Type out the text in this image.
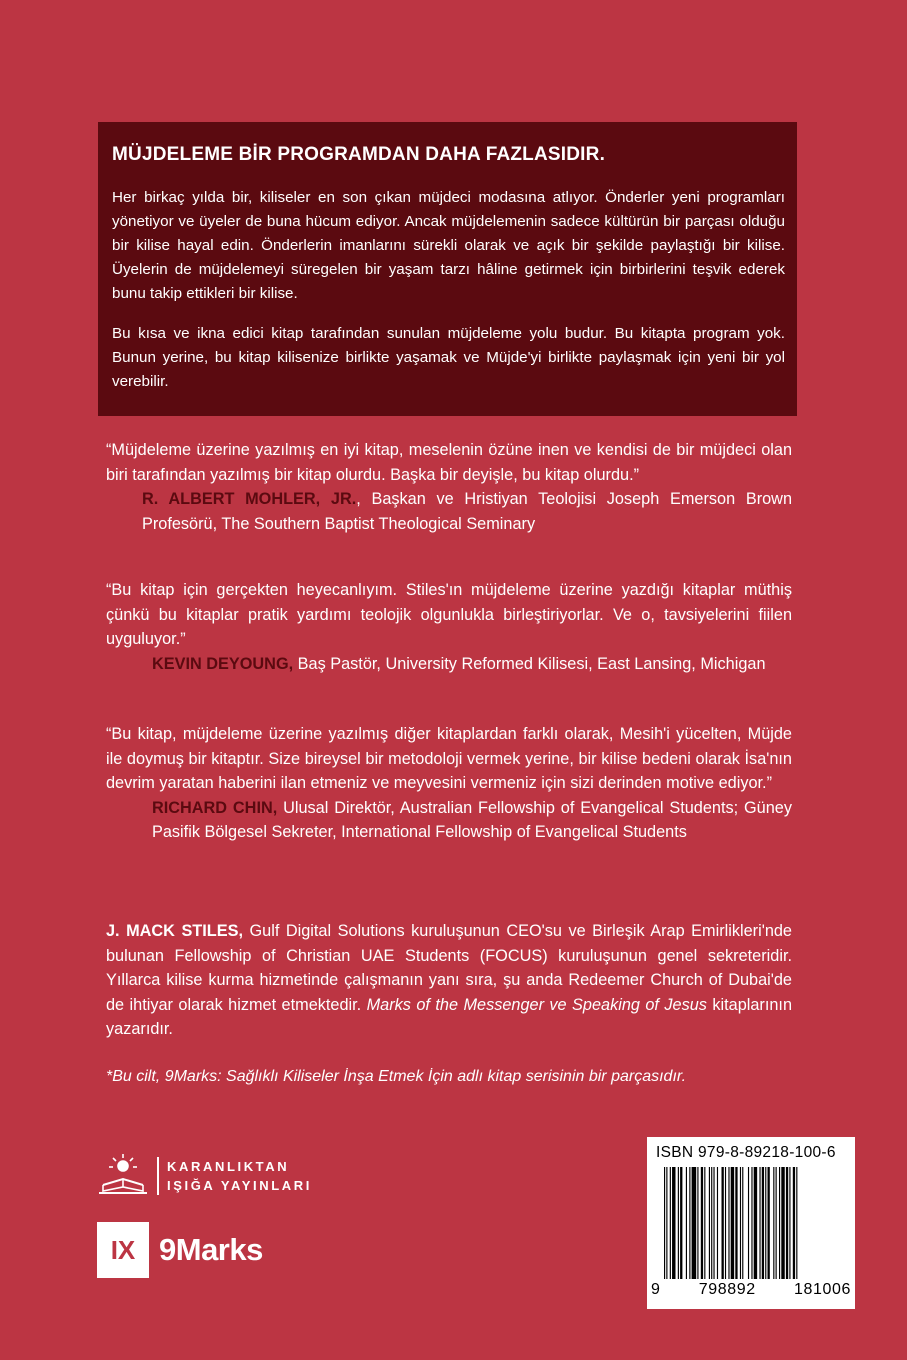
MÜJDELEME BİR PROGRAMDAN DAHA FAZLASIDIR.

Her birkaç yılda bir, kiliseler en son çıkan müjdeci modasına atlıyor. Önderler yeni programları yönetiyor ve üyeler de buna hücum ediyor. Ancak müjdelemenin sadece kültürün bir parçası olduğu bir kilise hayal edin. Önderlerin imanlarını sürekli olarak ve açık bir şekilde paylaştığı bir kilise. Üyelerin de müjdelemeyi süregelen bir yaşam tarzı hâline getirmek için birbirlerini teşvik ederek bunu takip ettikleri bir kilise.

Bu kısa ve ikna edici kitap tarafından sunulan müjdeleme yolu budur. Bu kitapta program yok. Bunun yerine, bu kitap kilisenize birlikte yaşamak ve Müjde'yi birlikte paylaşmak için yeni bir yol verebilir.

“Müjdeleme üzerine yazılmış en iyi kitap, meselenin özüne inen ve kendisi de bir müjdeci olan biri tarafından yazılmış bir kitap olurdu. Başka bir deyişle, bu kitap olurdu.”

R. ALBERT MOHLER, JR., Başkan ve Hristiyan Teolojisi Joseph Emerson Brown Profesörü, The Southern Baptist Theological Seminary

“Bu kitap için gerçekten heyecanlıyım. Stiles'ın müjdeleme üzerine yazdığı kitaplar müthiş çünkü bu kitaplar pratik yardımı teolojik olgunlukla birleştiriyorlar. Ve o, tavsiyelerini fiilen uyguluyor.”

KEVIN DEYOUNG, Baş Pastör, University Reformed Kilisesi, East Lansing, Michigan

“Bu kitap, müjdeleme üzerine yazılmış diğer kitaplardan farklı olarak, Mesih'i yücelten, Müjde ile doymuş bir kitaptır. Size bireysel bir metodoloji vermek yerine, bir kilise bedeni olarak İsa'nın devrim yaratan haberini ilan etmeniz ve meyvesini vermeniz için sizi derinden motive ediyor.”

RICHARD CHIN, Ulusal Direktör, Australian Fellowship of Evangelical Students; Güney Pasifik Bölgesel Sekreter, International Fellowship of Evangelical Students

J. MACK STILES, Gulf Digital Solutions kuruluşunun CEO'su ve Birleşik Arap Emirlikleri'nde bulunan Fellowship of Christian UAE Students (FOCUS) kuruluşunun genel sekreteridir. Yıllarca kilise kurma hizmetinde çalışmanın yanı sıra, şu anda Redeemer Church of Dubai'de de ihtiyar olarak hizmet etmektedir. Marks of the Messenger ve Speaking of Jesus kitaplarının yazarıdır.
*Bu cilt, 9Marks: Sağlıklı Kiliseler İnşa Etmek İçin adlı kitap serisinin bir parçasıdır.
KARANLIKTAN
IŞIĞA YAYINLARI
IX 9Marks
ISBN 979-8-89218-100-6
9 798892 181006
